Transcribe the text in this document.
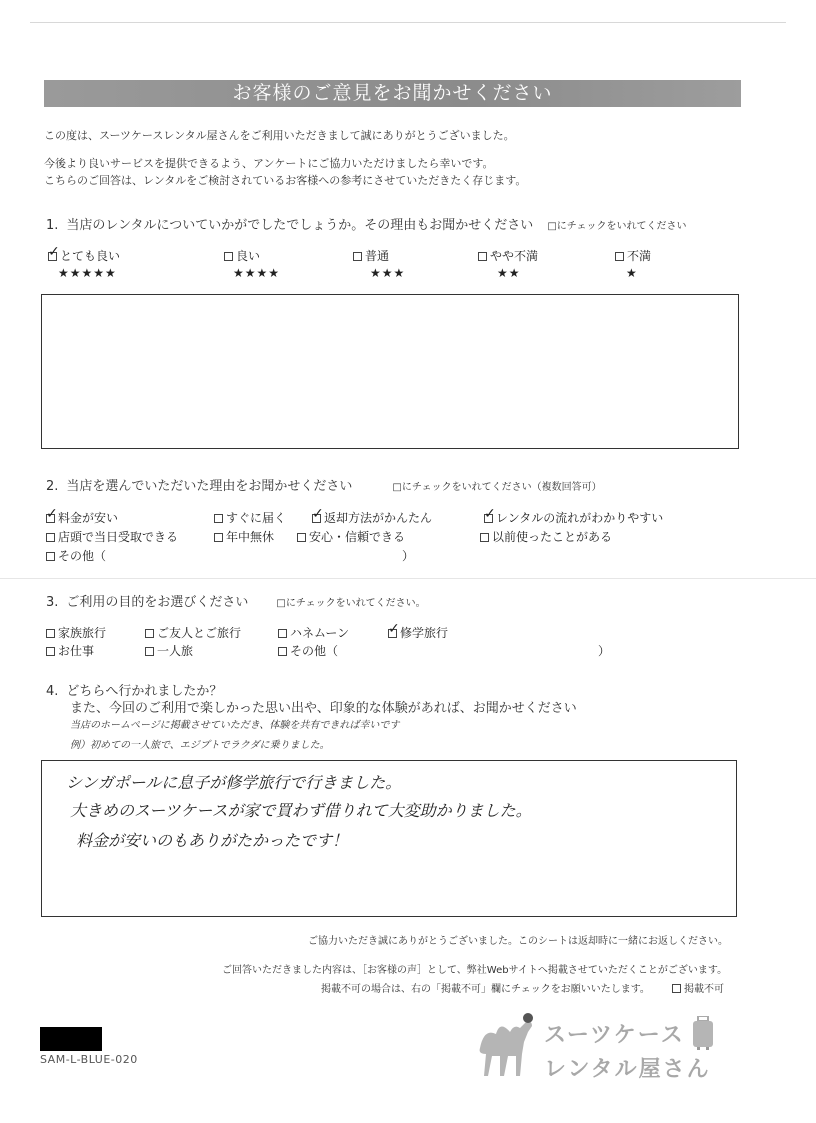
お客様のご意見をお聞かせください
この度は、スーツケースレンタル屋さんをご利用いただきまして誠にありがとうございました。
今後より良いサービスを提供できるよう、アンケートにご協力いただけましたら幸いです。
こちらのご回答は、レンタルをご検討されているお客様への参考にさせていただきたく存じます。
1. 当店のレンタルについていかがでしたでしょうか。その理由もお聞かせください □にチェックをいれてください
✓とても良い	良い	普通	やや不満	不満
★★★★★	★★★★	★★★	★★	★
2. 当店を選んでいただいた理由をお聞かせください	□にチェックをいれてください（複数回答可）
✓料金が安い	すぐに届く ✓	返却方法がかんたん ✓	レンタルの流れがわかりやすい
店頭で当日受取できる	年中無休	安心・信頼できる	以前使ったことがある
その他（	）
3. ご利用の目的をお選びください	□にチェックをいれてください。
家族旅行	ご友人とご旅行	ハネムーン ✓	修学旅行
お仕事	一人旅	その他（	）
4. どちらへ行かれましたか？
また、今回のご利用で楽しかった思い出や、印象的な体験があれば、お聞かせください
当店のホームページに掲載させていただき、体験を共有できれば幸いです
例）初めての一人旅で、エジプトでラクダに乗りました。
シンガポールに息子が修学旅行で行きました。
大きめのスーツケースが家で買わず借りれて大変助かりました。
料金が安いのもありがたかったです！
ご協力いただき誠にありがとうございました。このシートは返却時に一緒にお返しください。
ご回答いただきました内容は、［お客様の声］として、弊社Webサイトへ掲載させていただくことがございます。
掲載不可の場合は、右の「掲載不可」欄にチェックをお願いいたします。	掲載不可
SAM-L-BLUE-020
スーツケース
レンタル屋さん
